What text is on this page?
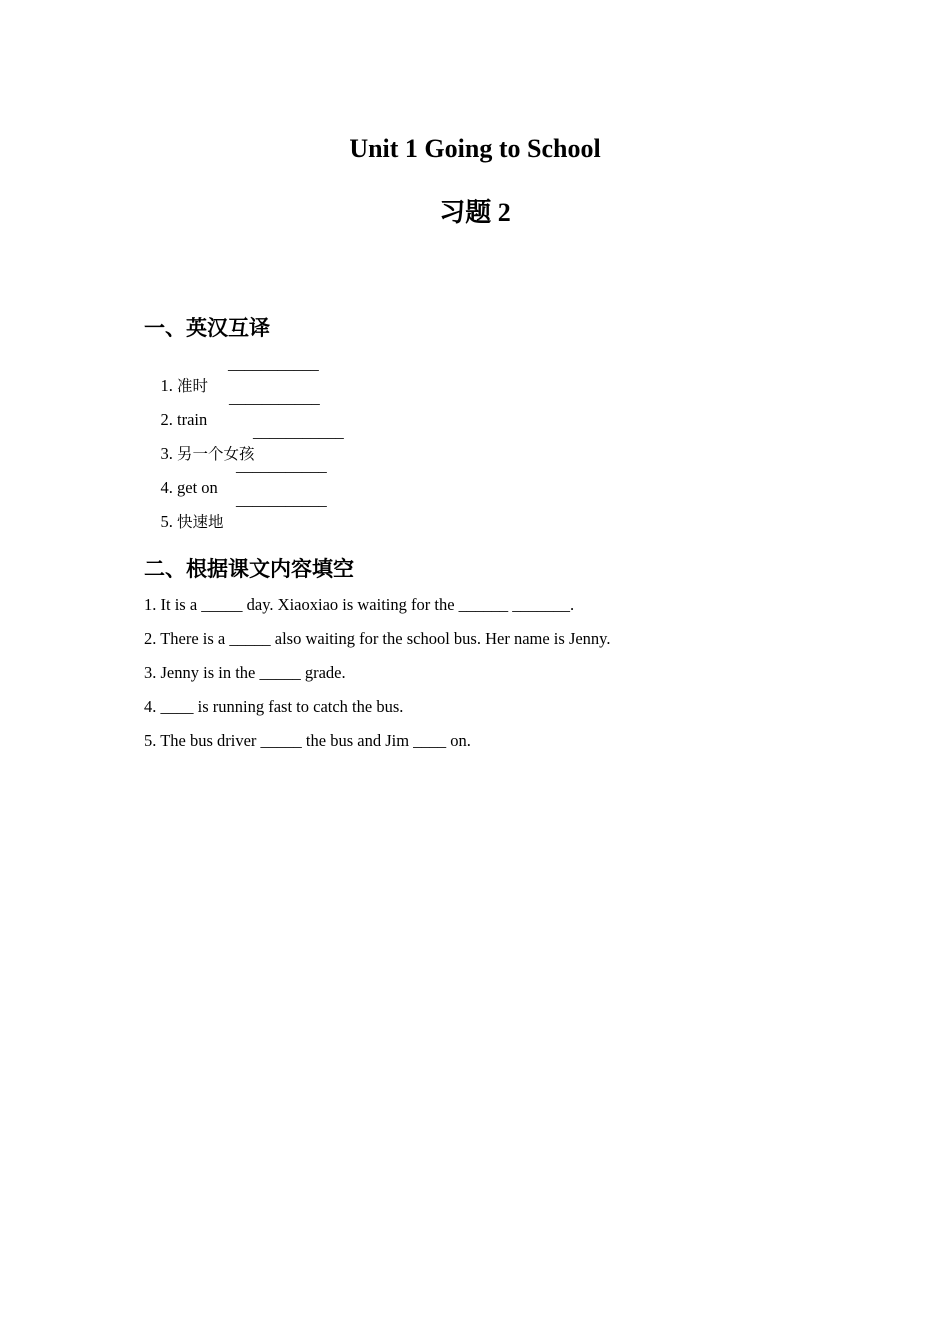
Unit 1 Going to School
习题 2
一、英汉互译

1. 准时

___________

2. train

___________

3. 另一个女孩

___________

4. get on

___________

5. 快速地

___________
二、根据课文内容填空
1. It is a _____ day. Xiaoxiao is waiting for the ______ _______.
2. There is a _____ also waiting for the school bus. Her name is Jenny.
3. Jenny is in the _____ grade.
4. ____ is running fast to catch the bus.
5. The bus driver _____ the bus and Jim ____ on.
